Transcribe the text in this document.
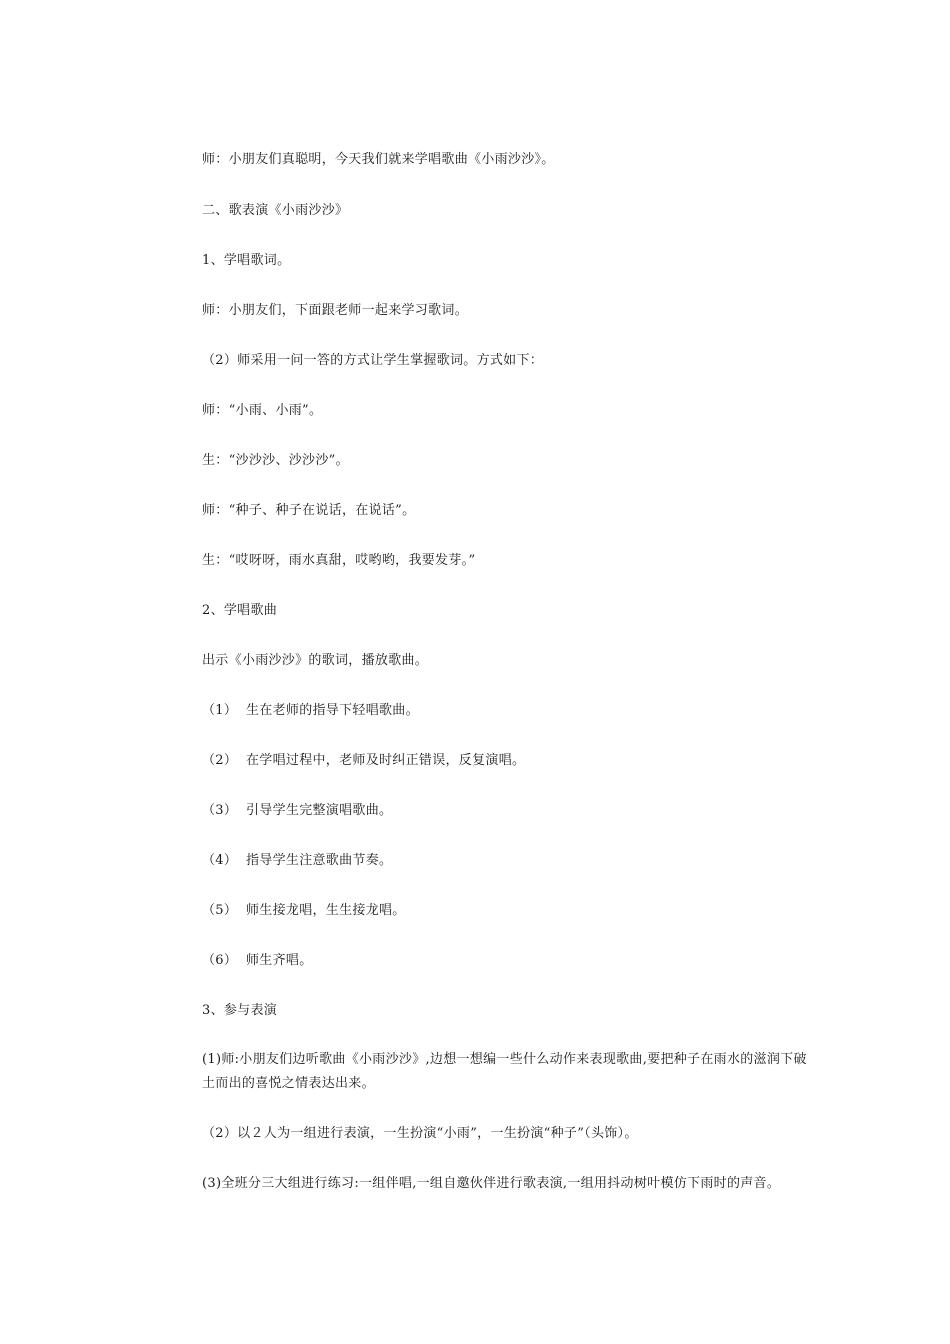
师：小朋友们真聪明，今天我们就来学唱歌曲《小雨沙沙》。
二、歌表演《小雨沙沙》
1、学唱歌词。
师：小朋友们，下面跟老师一起来学习歌词。
（2）师采用一问一答的方式让学生掌握歌词。方式如下：
师：“小雨、小雨”。
生：“沙沙沙、沙沙沙”。
师：“种子、种子在说话，在说话”。
生：“哎呀呀，雨水真甜，哎哟哟，我要发芽。”
2、学唱歌曲
出示《小雨沙沙》的歌词，播放歌曲。
（1） 生在老师的指导下轻唱歌曲。
（2） 在学唱过程中，老师及时纠正错误，反复演唱。
（3） 引导学生完整演唱歌曲。
（4） 指导学生注意歌曲节奏。
（5） 师生接龙唱，生生接龙唱。
（6） 师生齐唱。
3、参与表演
(1)师:小朋友们边听歌曲《小雨沙沙》,边想一想编一些什么动作来表现歌曲,要把种子在雨水的滋润下破土而出的喜悦之情表达出来。
（2）以２人为一组进行表演，一生扮演“小雨”，一生扮演“种子”（头饰）。
(3)全班分三大组进行练习:一组伴唱,一组自邀伙伴进行歌表演,一组用抖动树叶模仿下雨时的声音。
